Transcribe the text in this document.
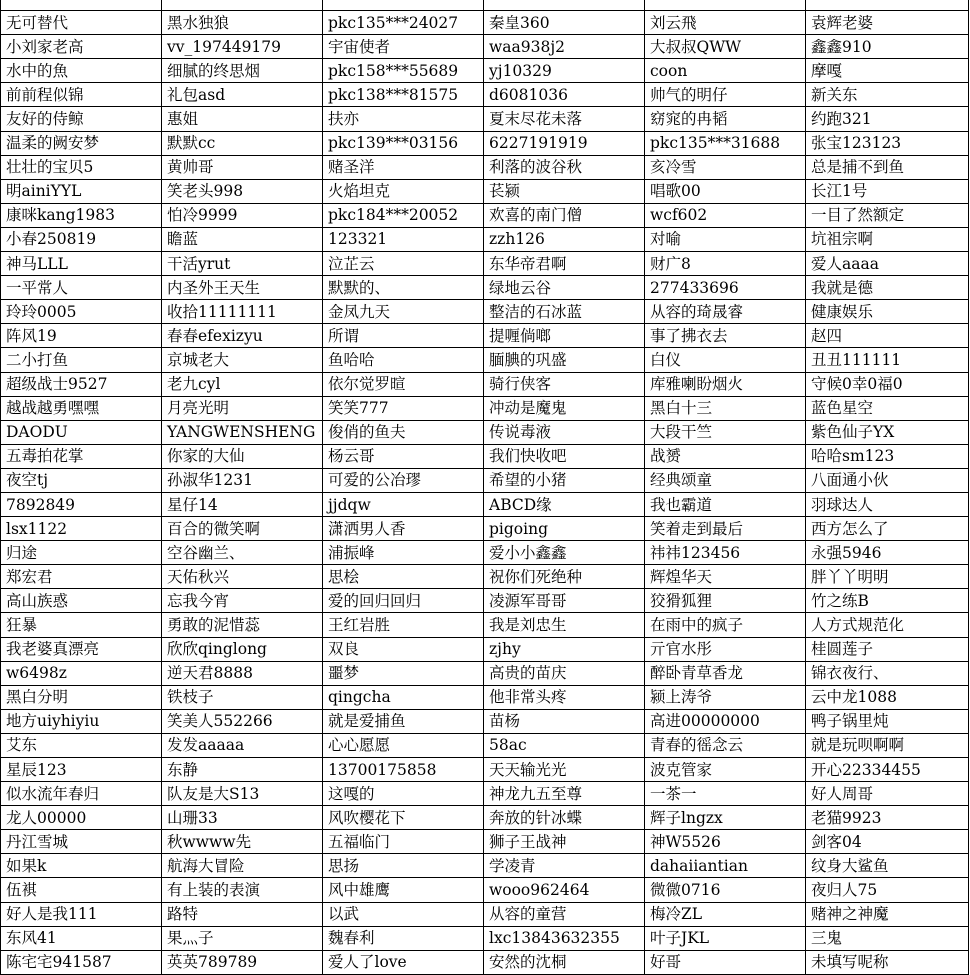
无可替代	黑水独狼	pkc135***24027	秦皇360	刘云飛	袁辉老婆
小刘家老高	vv_197449179	宇宙使者	waa938j2	大叔叔QWW	鑫鑫910
水中的魚	细腻的终思烟	pkc158***55689	yj10329	coon	摩嘎
前前程似锦	礼包asd	pkc138***81575	d6081036	帅气的明仔	新关东
友好的侍鲸	惠姐	扶亦	夏末尽花未落	窈窕的冉韬	约跑321
温柔的阙安梦	默默cc	pkc139***03156	6227191919	pkc135***31688	张宝123123
壮壮的宝贝5	黄帅哥	赌圣洋	利落的波谷秋	亥冷雪	总是捕不到鱼
明ainiYYL	笑老头998	火焰坦克	苌颍	唱歌00	长江1号
康咪kang1983	怕冷9999	pkc184***20052	欢喜的南门僧	wcf602	一目了然额定
小春250819	瞻蓝	123321	zzh126	对喻	坑祖宗啊
神马LLL	干活yrut	泣芷云	东华帝君啊	财广8	爱人aaaa
一平常人	内圣外王天生	默默的、	绿地云谷	277433696	我就是德
玲玲0005	收拾11111111	金凤九天	整洁的石冰蓝	从容的琦晟睿	健康娱乐
阵风19	春春efexizyu	所谓	提喱倘啷	事了拂衣去	赵四
二小打鱼	京城老大	鱼哈哈	腼腆的巩盛	白仪	丑丑111111
超级战士9527	老九cyl	依尔觉罗暄	骑行侠客	库雅喇盼烟火	守候0幸0福0
越战越勇嘿嘿	月亮光明	笑笑777	冲动是魔鬼	黑白十三	蓝色星空
DAODU	YANGWENSHENG	俊俏的鱼夫	传说毒液	大段干竺	紫色仙子YX
五毒拍花掌	你家的大仙	杨云哥	我们快收吧	战赟	哈哈sm123
夜空tj	孙淑华1231	可爱的公冶璆	希望的小猪	经典颂童	八面通小伙
7892849	星仔14	jjdqw	ABCD缘	我也霸道	羽球达人
lsx1122	百合的微笑啊	潇洒男人香	pigoing	笑着走到最后	西方怎么了
归途	空谷幽兰、	浦振峰	爱小小鑫鑫	祎祎123456	永强5946
郑宏君	天佑秋兴	思桧	祝你们死绝种	辉煌华天	胖丫丫明明
高山族惑	忘我今宵	爱的回归回归	凌源军哥哥	狡猾狐狸	竹之练B
狂暴	勇敢的泥惜蕊	王红岩胜	我是刘忠生	在雨中的疯子	人方式规范化
我老婆真漂亮	欣欣qinglong	双良	zjhy	亓官水彤	桂圆莲子
w6498z	逆天君8888	噩梦	高贵的苗庆	醉卧青草香龙	锦衣夜行、
黑白分明	铁枝子	qingcha	他非常头疼	颍上涛爷	云中龙1088
地方uiyhiyiu	笑美人552266	就是爱捕鱼	苗杨	高进00000000	鸭子锅里炖
艾东	发发aaaaa	心心愿愿	58ac	青春的徭念云	就是玩呗啊啊
星辰123	东静	13700175858	天天输光光	波克管家	开心22334455
似水流年春归	队友是大S13	这嘎的	神龙九五至尊	一茶一	好人周哥
龙人00000	山珊33	风吹樱花下	奔放的针冰蝶	辉子lngzx	老猫9923
丹江雪城	秋wwww先	五福临门	狮子王战神	神W5526	剑客04
如果k	航海大冒险	思扬	学凌青	dahaiiantian	纹身大鲨鱼
伍褀	有上装的表演	风中雄鹰	wooo962464	微微0716	夜归人75
好人是我111	路特	以武	从容的童营	梅冷ZL	赌神之神魔
东风41	果灬子	魏春利	lxc13843632355	叶子JKL	三鬼
陈宅宅941587	英英789789	爱人了love	安然的沈桐	好哥	未填写呢称
